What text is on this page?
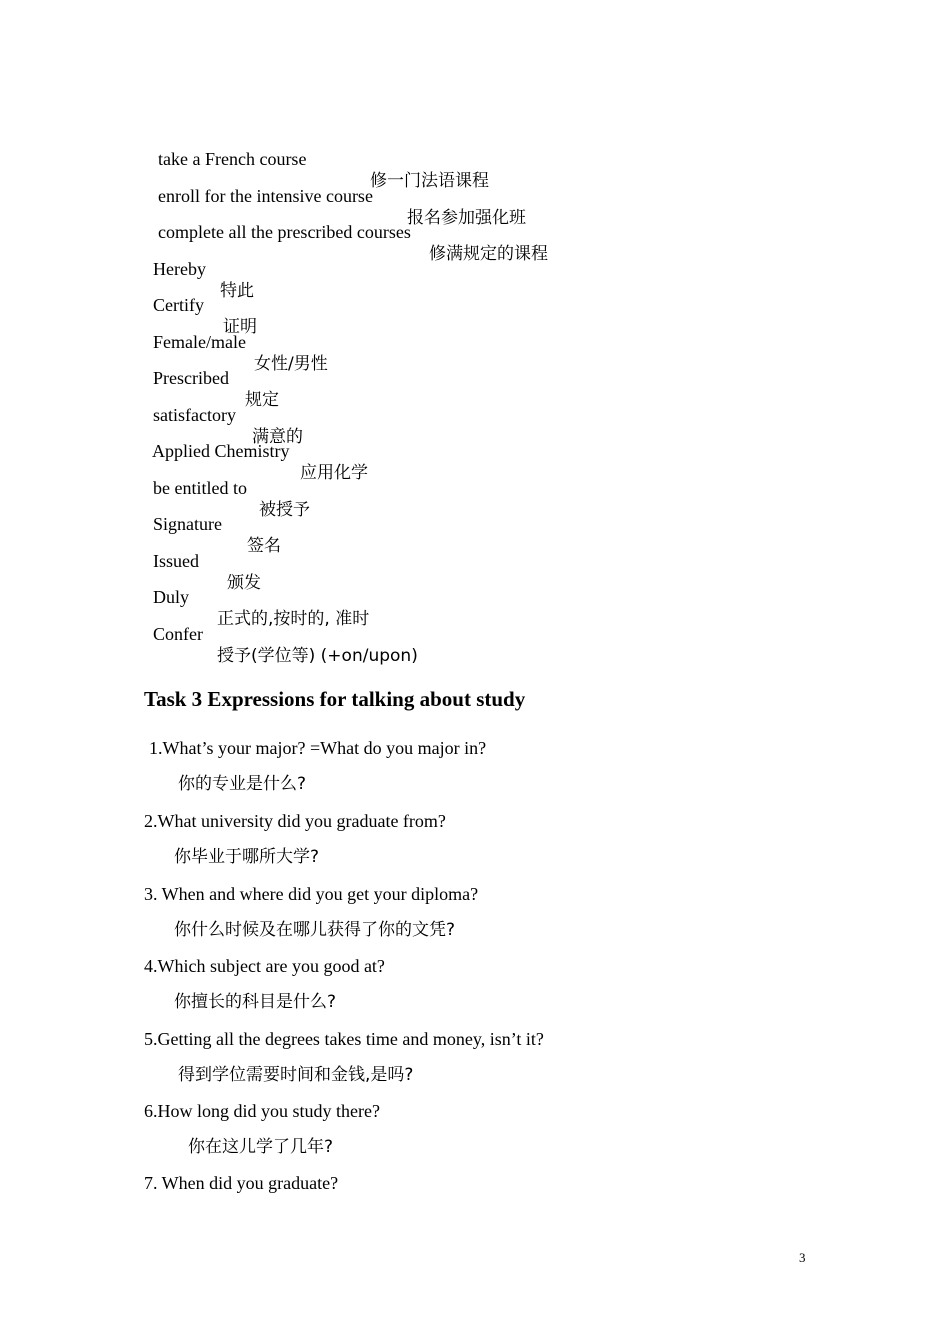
take a French course

修一门法语课程

enroll for the intensive course

报名参加强化班

complete all the prescribed courses

修满规定的课程

Hereby

特此

Certify

证明

Female/male

女性/男性

Prescribed

规定

satisfactory

满意的

Applied Chemistry

应用化学

be entitled to

被授予

Signature

签名

Issued

颁发

Duly

正式的,按时的, 准时

Confer

授予(学位等) (+on/upon)

Task 3 Expressions for talking about study
1.What’s your major? =What do you major in?
你的专业是什么?
2.What university did you graduate from?
你毕业于哪所大学?
3. When and where did you get your diploma?
你什么时候及在哪儿获得了你的文凭?
4.Which subject are you good at?
你擅长的科目是什么?
5.Getting all the degrees takes time and money, isn’t it?
得到学位需要时间和金钱,是吗?
6.How long did you study there?
你在这儿学了几年?
7. When did you graduate?
3
